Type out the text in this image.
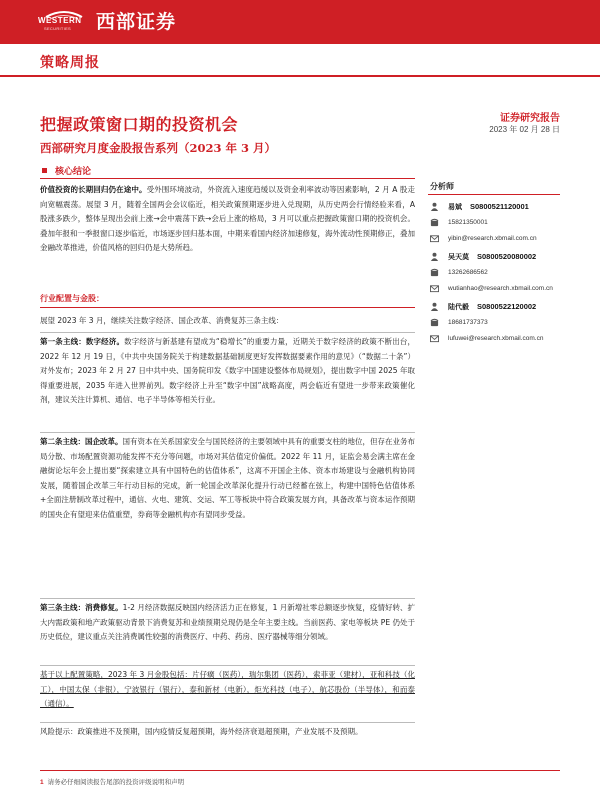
WESTERN
SECURITIES 西部证券
策略周报
证券研究报告
2023 年 02 月 28 日
把握政策窗口期的投资机会
西部研究月度金股报告系列（2023 年 3 月）
核心结论
价值投资的长期回归仍在途中。受外围环境波动，外资流入速度趋缓以及资金利率波动等因素影响，2 月 A 股走向宽幅震荡。展望 3 月，随着全国两会会议临近，相关政策预期逐步进入兑现期，从历史两会行情经验来看，A 股涨多跌少，整体呈现出会前上涨→会中震荡下跌→会后上涨的格局，3 月可以重点把握政策窗口期的投资机会。叠加年报和一季报窗口逐步临近，市场逐步回归基本面，中期来看国内经济加速修复，海外流动性预期修正，叠加金融改革推进，价值风格的回归仍是大势所趋。
行业配置与金股：
展望 2023 年 3 月，继续关注数字经济、国企改革、消费复苏三条主线：
第一条主线：数字经济。数字经济与新基建有望成为“稳增长”的重要力量，近期关于数字经济的政策不断出台，2022 年 12 月 19 日，《中共中央国务院关于构建数据基础制度更好发挥数据要素作用的意见》（“数据二十条”）对外发布；2023 年 2 月 27 日中共中央、国务院印发《数字中国建设整体布局规划》，提出数字中国 2025 年取得重要进展，2035 年进入世界前列。数字经济上升至“数字中国”战略高度，两会临近有望进一步带来政策催化剂，建议关注计算机、通信、电子半导体等相关行业。
第二条主线：国企改革。国有资本在关系国家安全与国民经济的主要领域中具有的重要支柱的地位，但存在业务布局分散、市场配置资源功能发挥不充分等问题，市场对其估值定价偏低。2022 年 11 月，证监会易会满主席在金融街论坛年会上提出要“探索建立具有中国特色的估值体系”，这离不开国企主体、资本市场建设与金融机构协同发展，随着国企改革三年行动目标的完成，新一轮国企改革深化提升行动已经蓄在弦上，构建中国特色估值体系+全面注册制改革过程中，通信、火电、建筑、交运、军工等板块中符合政策发展方向，具备改革与资本运作预期的国央企有望迎来估值重塑，券商等金融机构亦有望同步受益。
第三条主线：消费修复。1-2 月经济数据反映国内经济活力正在修复，1 月新增社零总额逐步恢复，疫情好转、扩大内需政策和地产政策驱动背景下消费复苏和业绩预期兑现仍是全年主要主线。当前医药、家电等板块 PE 仍处于历史低位，建议重点关注消费属性较强的消费医疗、中药、药房、医疗器械等细分领域。
基于以上配置策略，2023 年 3 月金股包括：片仔癀（医药），瑞尔集团（医药），索菲亚（建材），亚和科技（化工），中国太保（非银），宁波银行（银行），泰和新材（电新），炬光科技（电子），航芯股份（半导体），和而泰（通信）。
风险提示：政策推进不及预期，国内疫情反复超预期，海外经济衰退超预期，产业发展不及预期。
分析师
易斌 S0800521120001
15821350001
yibin@research.xbmail.com.cn
吴天莫 S0800520080002
13262686562
wutianhao@research.xbmail.com.cn
陆代毅 S0800522120002
18681737373
lufuwei@research.xbmail.com.cn
1 请务必仔细阅读报告尾部的投资评级说明和声明
